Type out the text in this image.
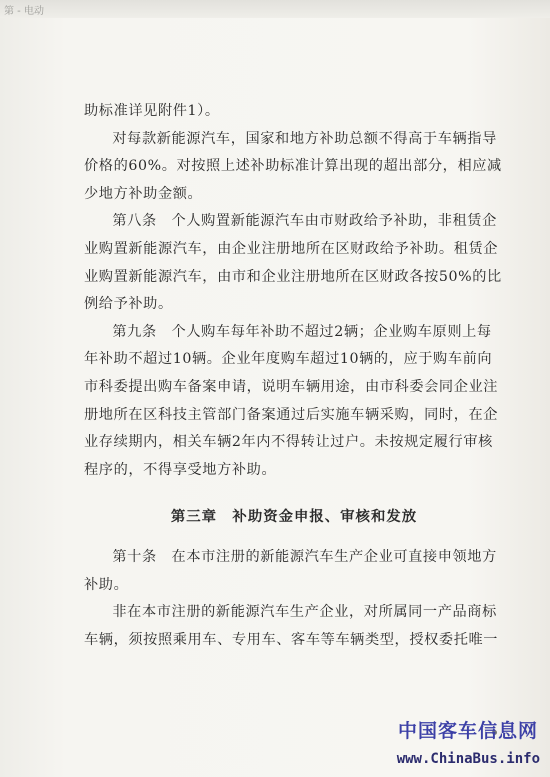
第 - 电动

助标准详见附件1）。

对每款新能源汽车，国家和地方补助总额不得高于车辆指导价格的60%。对按照上述补助标准计算出现的超出部分，相应减少地方补助金额。

第八条　个人购置新能源汽车由市财政给予补助，非租赁企业购置新能源汽车，由企业注册地所在区财政给予补助。租赁企业购置新能源汽车，由市和企业注册地所在区财政各按50%的比例给予补助。

第九条　个人购车每年补助不超过2辆；企业购车原则上每年补助不超过10辆。企业年度购车超过10辆的，应于购车前向市科委提出购车备案申请，说明车辆用途，由市科委会同企业注册地所在区科技主管部门备案通过后实施车辆采购，同时，在企业存续期内，相关车辆2年内不得转让过户。未按规定履行审核程序的，不得享受地方补助。

第三章　补助资金申报、审核和发放

第十条　在本市注册的新能源汽车生产企业可直接申领地方补助。

非在本市注册的新能源汽车生产企业，对所属同一产品商标车辆，须按照乘用车、专用车、客车等车辆类型，授权委托唯一

中国客车信息网
www.ChinaBus.info
